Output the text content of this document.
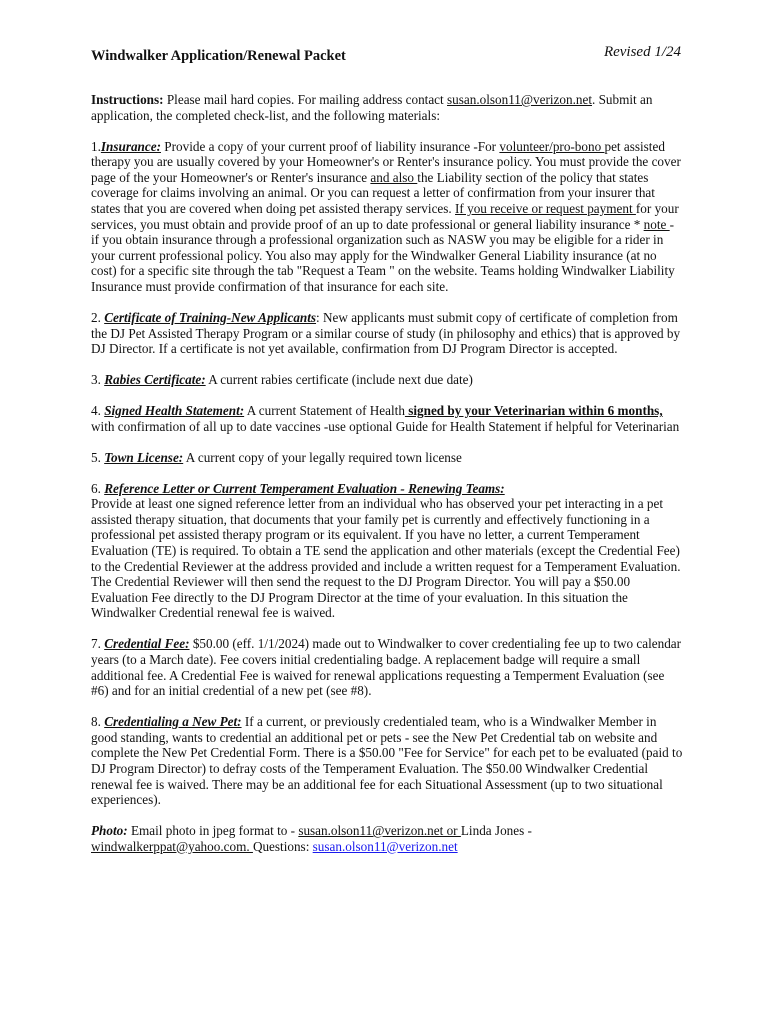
Windwalker Application/Renewal Packet	Revised 1/24

Instructions: Please mail hard copies. For mailing address contact susan.olson11@verizon.net. Submit an application, the completed check-list, and the following materials:

1.Insurance: Provide a copy of your current proof of liability insurance -For volunteer/pro-bono pet assisted therapy you are usually covered by your Homeowner's or Renter's insurance policy. You must provide the cover page of the your Homeowner's or Renter's insurance and also the Liability section of the policy that states coverage for claims involving an animal. Or you can request a letter of confirmation from your insurer that states that you are covered when doing pet assisted therapy services. If you receive or request payment for your services, you must obtain and provide proof of an up to date professional or general liability insurance * note - if you obtain insurance through a professional organization such as NASW you may be eligible for a rider in your current professional policy. You also may apply for the Windwalker General Liability insurance (at no cost) for a specific site through the tab "Request a Team " on the website. Teams holding Windwalker Liability Insurance must provide confirmation of that insurance for each site.

2. Certificate of Training-New Applicants: New applicants must submit copy of certificate of completion from the DJ Pet Assisted Therapy Program or a similar course of study (in philosophy and ethics) that is approved by DJ Director. If a certificate is not yet available, confirmation from DJ Program Director is accepted.

3. Rabies Certificate: A current rabies certificate (include next due date)

4. Signed Health Statement: A current Statement of Health signed by your Veterinarian within 6 months, with confirmation of all up to date vaccines -use optional Guide for Health Statement if helpful for Veterinarian

5. Town License: A current copy of your legally required town license

6. Reference Letter or Current Temperament Evaluation - Renewing Teams:
Provide at least one signed reference letter from an individual who has observed your pet interacting in a pet assisted therapy situation, that documents that your family pet is currently and effectively functioning in a professional pet assisted therapy program or its equivalent. If you have no letter, a current Temperament Evaluation (TE) is required. To obtain a TE send the application and other materials (except the Credential Fee) to the Credential Reviewer at the address provided and include a written request for a Temperament Evaluation. The Credential Reviewer will then send the request to the DJ Program Director. You will pay a $50.00 Evaluation Fee directly to the DJ Program Director at the time of your evaluation. In this situation the Windwalker Credential renewal fee is waived.

7. Credential Fee: $50.00 (eff. 1/1/2024) made out to Windwalker to cover credentialing fee up to two calendar years (to a March date). Fee covers initial credentialing badge. A replacement badge will require a small additional fee. A Credential Fee is waived for renewal applications requesting a Temperment Evaluation (see #6) and for an initial credential of a new pet (see #8).

8. Credentialing a New Pet: If a current, or previously credentialed team, who is a Windwalker Member in good standing, wants to credential an additional pet or pets - see the New Pet Credential tab on website and complete the New Pet Credential Form. There is a $50.00 "Fee for Service" for each pet to be evaluated (paid to DJ Program Director) to defray costs of the Temperament Evaluation. The $50.00 Windwalker Credential renewal fee is waived. There may be an additional fee for each Situational Assessment (up to two situational experiences).

Photo: Email photo in jpeg format to - susan.olson11@verizon.net or Linda Jones - windwalkerppat@yahoo.com. Questions: susan.olson11@verizon.net
